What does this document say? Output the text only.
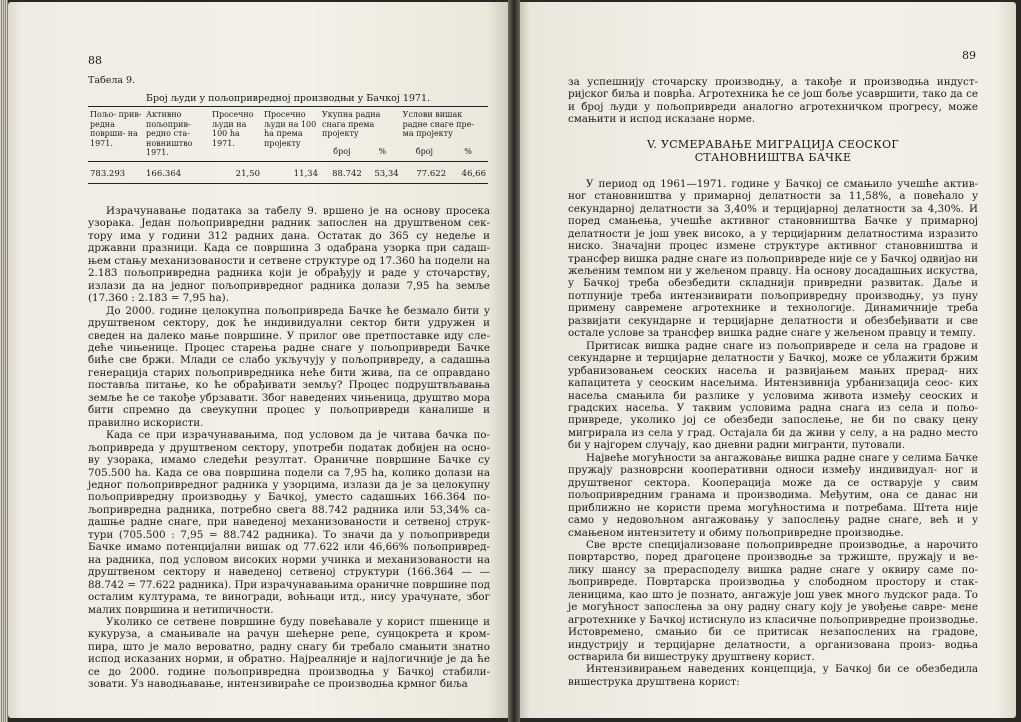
88
Табела 9.
Број људи у пољопривредној производњи у Бачкој 1971.
Пољо- прив- редна повpши- на 1971.	Активно пољоприв- редно ста- новништво 1971.	Просечно људи на 100 ha 1971.	Просечно људи на 100 ha према пројекту	Укупна радна снага према пројекту		Услови вишак радне снаге пре- ма пројекту	
				број	%	број	%
783.293	166.364	21,50	11,34	88.742	53,34	77.622	46,66

Израчунавање података за табелу 9. вршено је на основу просека узорака. Један пољопривредни радник запослен на друштвеном сек- тору има у години 312 радних дана. Остатак до 365 су недеље и државни празници. Када се површина 3 одабрана узорка при садаш- њем стању механизованости и сетвене структуре од 17.360 ha подели на 2.183 пољопривредна радника који је обрађују и раде у сточарству, излази да на једног пољопривредног радника долази 7,95 ha земље (17.360 : 2.183 = 7,95 ha).

До 2000. године целокупна пољопривреда Бачке ће безмало бити у друштвеном сектору, док ће индивидуални сектор бити удружен и сведен на далеко мање површине. У прилог ове претпоставке иду сле- деће чињенице. Процес старења радне снаге у пољопривреди Бачке биће све бржи. Млади се слабо укључују у пољопривреду, а садашња генерација старих пољопривредника неће бити жива, па се оправдано поставља питање, ко ће обрађивати земљу? Процес подруштвљавања земље ће се такође убрзавати. Због наведених чињеница, друштво мора бити спремно да свеукупни процес у пољопривреди каналише и правилно искористи.

Када се при израчунавањима, под условом да је читава бачка по- љопривреда у друштвеном сектору, употреби податак добијен на осно- ву узорака, имамо следећи резултат. Ораничне површине Бачке су 705.500 ha. Када се ова површина подели са 7,95 ha, колико долази на једног пољопривредног радника у узорцима, излази да је за целокупну пољопривредну производњу у Бачкој, уместо садашњих 166.364 по- љопривредна радника, потребно свега 88.742 радника или 53,34% са- дашње радне снаге, при наведеној механизованости и сетвеној струк- тури (705.500 : 7,95 = 88.742 радника). То значи да у пољопривреди Бачке имамо потенцијални вишак од 77.622 или 46,66% пољопривред- на радника, под условом високих норми учинка и механизованости на друштвеном сектору и наведеној сетвеној структури (166.364 — — 88.742 = 77.622 радника). При израчунавањима ораничне површине под осталим културама, те виногради, воћњаци итд., нису урачунате, због малих површина и нетипичности.

Уколико се сетвене површине буду повећавале у корист пшенице и кукуруза, а смањивале на рачун шећерне репе, сунцокрета и кром- пира, што је мало вероватно, радну снагу би требало смањити знатно испод исказаних норми, и обратно. Најреалније и најлогичније је да ће се до 2000. године пољопривредна производња у Бачкој стабили- зовати. Уз наводњавање, интензивираће се производња крмног биља

89

за успешнију сточарску производњу, а такође и производња индуст- ријског биља и поврћа. Агротехника ће се још боље усавршити, тако да се и број људи у пољопривреди аналогно агротехничком прогресу, може смањити и испод исказане норме.

V. УСМЕРАВАЊЕ МИГРАЦИЈА СЕОСКОГ
СТАНОВНИШТВА БАЧКЕ

У период од 1961—1971. године у Бачкој се смањило учешће актив- ног становништва у примарној делатности за 11,58%, а повећало у секундарној делатности за 3,40% и терцијарној делатности за 4,30%. И поред смањења, учешће активног становништва Бачке у примарној делатности је још увек високо, а у терцијарним делатностима изразито ниско. Значајни процес измене структуре активног становништва и трансфер вишка радне снаге из пољопривреде није се у Бачкој одвијао ни жељеним темпом ни у жељеном правцу. На основу досадашњих искуства, у Бачкој треба обезбедити складнији привредни развитак. Даље и потпуније треба интензивирати пољопривредну производњу, уз пуну примену савремене агротехнике и технологије. Динамичније треба развијати секундарне и терцијарне делатности и обезбеђивати и све остале услове за трансфер вишка радне снаге у жељеном правцу и темпу.

Притисак вишка радне снаге из пољопривреде и села на градове и секундарне и терцијарне делатности у Бачкој, може се ублажити бржим урбанизовањем сеоских насеља и развијањем мањих прерад- них капацитета у сеоским насељима. Интензивнија урбанизација сеос- ких насеља смањила би разлике у условима живота између сеоских и градских насеља. У таквим условима радна снага из села и пољо- привреде, уколико јој се обезбеди запослење, не би по сваку цену мигрирала из села у град. Остајала би да живи у селу, а на радно место би у најгорем случају, као дневни радни мигранти, путовали.

Највеће могућности за ангажовање вишка радне снаге у селима Бачке пружају разноврсни кооперативни односи између индивидуал- ног и друштвеног сектора. Кооперација може да се остварује у свим пољопривредним гранама и производима. Међутим, она се данас ни приближно не користи према могућностима и потребама. Штета није само у недовољном ангажовању у запослењу радне снаге, већ и у смањеном интензитету и обиму пољопривредне производње.

Све врсте специјализоване пољопривредне производње, а нарочито повртарство, поред драгоцене производње за тржиште, пружају и ве- лику шансу за прерасподелу вишка радне снаге у оквиру саме по- љопривреде. Повртарска производња у слободном простору и стак- леницима, као што је познато, ангажује још увек много људског рада. То је могућност запослења за ону радну снагу коју је увођење савре- мене агротехнике у Бачкој истиснуло из класичне пољопривредне производње. Истовремено, смањио би се притисак незапослених на градове, индустрију и терцијарне делатности, а организована произ- водња остварила би вишеструку друштвену корист.

Интензивирањем наведених концепција, у Бачкој би се обезбедила вишеструка друштвена корист:
